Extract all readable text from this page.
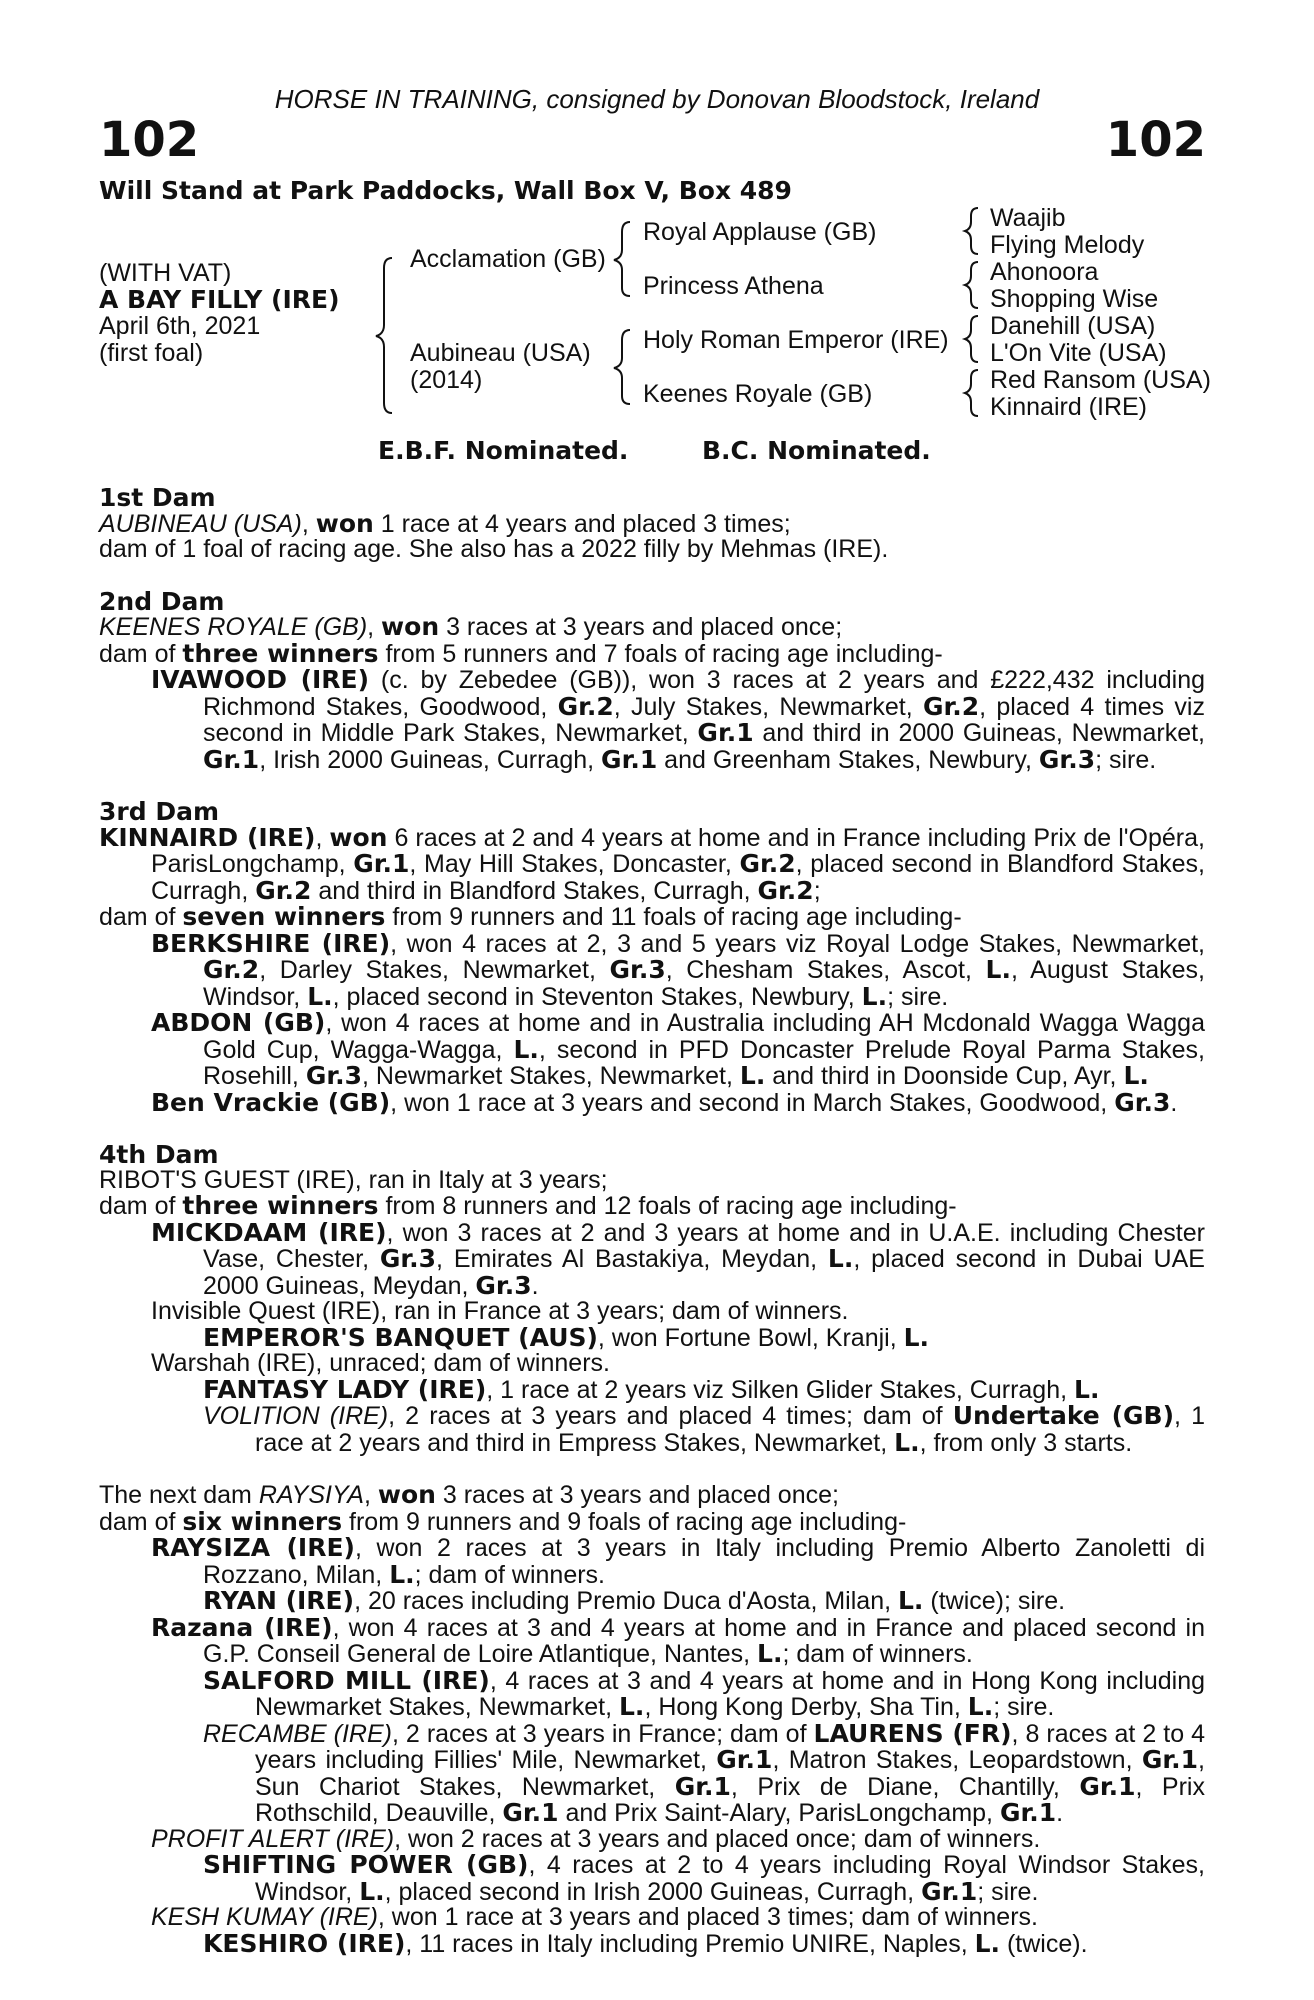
HORSE IN TRAINING, consigned by Donovan Bloodstock, Ireland
102	102
Will Stand at Park Paddocks, Wall Box V, Box 489
(WITH VAT)
A BAY FILLY (IRE)
April 6th, 2021
(first foal)
Acclamation (GB)
Aubineau (USA)
(2014)
Royal Applause (GB)
Princess Athena
Holy Roman Emperor (IRE)
Keenes Royale (GB)
Waajib
Flying Melody
Ahonoora
Shopping Wise
Danehill (USA)
L'On Vite (USA)
Red Ransom (USA)
Kinnaird (IRE)
E.B.F. Nominated.	B.C. Nominated.

1st Dam

AUBINEAU (USA), won 1 race at 4 years and placed 3 times;

dam of 1 foal of racing age. She also has a 2022 filly by Mehmas (IRE).

2nd Dam

KEENES ROYALE (GB), won 3 races at 3 years and placed once;

dam of three winners from 5 runners and 7 foals of racing age including-

IVAWOOD (IRE) (c. by Zebedee (GB)), won 3 races at 2 years and £222,432 including Richmond Stakes, Goodwood, Gr.2, July Stakes, Newmarket, Gr.2, placed 4 times viz second in Middle Park Stakes, Newmarket, Gr.1 and third in 2000 Guineas, Newmarket, Gr.1, Irish 2000 Guineas, Curragh, Gr.1 and Greenham Stakes, Newbury, Gr.3; sire.

3rd Dam

KINNAIRD (IRE), won 6 races at 2 and 4 years at home and in France including Prix de l'Opéra, ParisLongchamp, Gr.1, May Hill Stakes, Doncaster, Gr.2, placed second in Blandford Stakes, Curragh, Gr.2 and third in Blandford Stakes, Curragh, Gr.2;

dam of seven winners from 9 runners and 11 foals of racing age including-

BERKSHIRE (IRE), won 4 races at 2, 3 and 5 years viz Royal Lodge Stakes, Newmarket, Gr.2, Darley Stakes, Newmarket, Gr.3, Chesham Stakes, Ascot, L., August Stakes, Windsor, L., placed second in Steventon Stakes, Newbury, L.; sire.

ABDON (GB), won 4 races at home and in Australia including AH Mcdonald Wagga Wagga Gold Cup, Wagga-Wagga, L., second in PFD Doncaster Prelude Royal Parma Stakes, Rosehill, Gr.3, Newmarket Stakes, Newmarket, L. and third in Doonside Cup, Ayr, L.

Ben Vrackie (GB), won 1 race at 3 years and second in March Stakes, Goodwood, Gr.3.

4th Dam

RIBOT'S GUEST (IRE), ran in Italy at 3 years;

dam of three winners from 8 runners and 12 foals of racing age including-

MICKDAAM (IRE), won 3 races at 2 and 3 years at home and in U.A.E. including Chester Vase, Chester, Gr.3, Emirates Al Bastakiya, Meydan, L., placed second in Dubai UAE 2000 Guineas, Meydan, Gr.3.

Invisible Quest (IRE), ran in France at 3 years; dam of winners.

EMPEROR'S BANQUET (AUS), won Fortune Bowl, Kranji, L.

Warshah (IRE), unraced; dam of winners.

FANTASY LADY (IRE), 1 race at 2 years viz Silken Glider Stakes, Curragh, L.

VOLITION (IRE), 2 races at 3 years and placed 4 times; dam of Undertake (GB), 1 race at 2 years and third in Empress Stakes, Newmarket, L., from only 3 starts.

The next dam RAYSIYA, won 3 races at 3 years and placed once;

dam of six winners from 9 runners and 9 foals of racing age including-

RAYSIZA (IRE), won 2 races at 3 years in Italy including Premio Alberto Zanoletti di Rozzano, Milan, L.; dam of winners.

RYAN (IRE), 20 races including Premio Duca d'Aosta, Milan, L. (twice); sire.

Razana (IRE), won 4 races at 3 and 4 years at home and in France and placed second in G.P. Conseil General de Loire Atlantique, Nantes, L.; dam of winners.

SALFORD MILL (IRE), 4 races at 3 and 4 years at home and in Hong Kong including Newmarket Stakes, Newmarket, L., Hong Kong Derby, Sha Tin, L.; sire.

RECAMBE (IRE), 2 races at 3 years in France; dam of LAURENS (FR), 8 races at 2 to 4 years including Fillies' Mile, Newmarket, Gr.1, Matron Stakes, Leopardstown, Gr.1, Sun Chariot Stakes, Newmarket, Gr.1, Prix de Diane, Chantilly, Gr.1, Prix Rothschild, Deauville, Gr.1 and Prix Saint-Alary, ParisLongchamp, Gr.1.

PROFIT ALERT (IRE), won 2 races at 3 years and placed once; dam of winners.

SHIFTING POWER (GB), 4 races at 2 to 4 years including Royal Windsor Stakes, Windsor, L., placed second in Irish 2000 Guineas, Curragh, Gr.1; sire.

KESH KUMAY (IRE), won 1 race at 3 years and placed 3 times; dam of winners.

KESHIRO (IRE), 11 races in Italy including Premio UNIRE, Naples, L. (twice).
